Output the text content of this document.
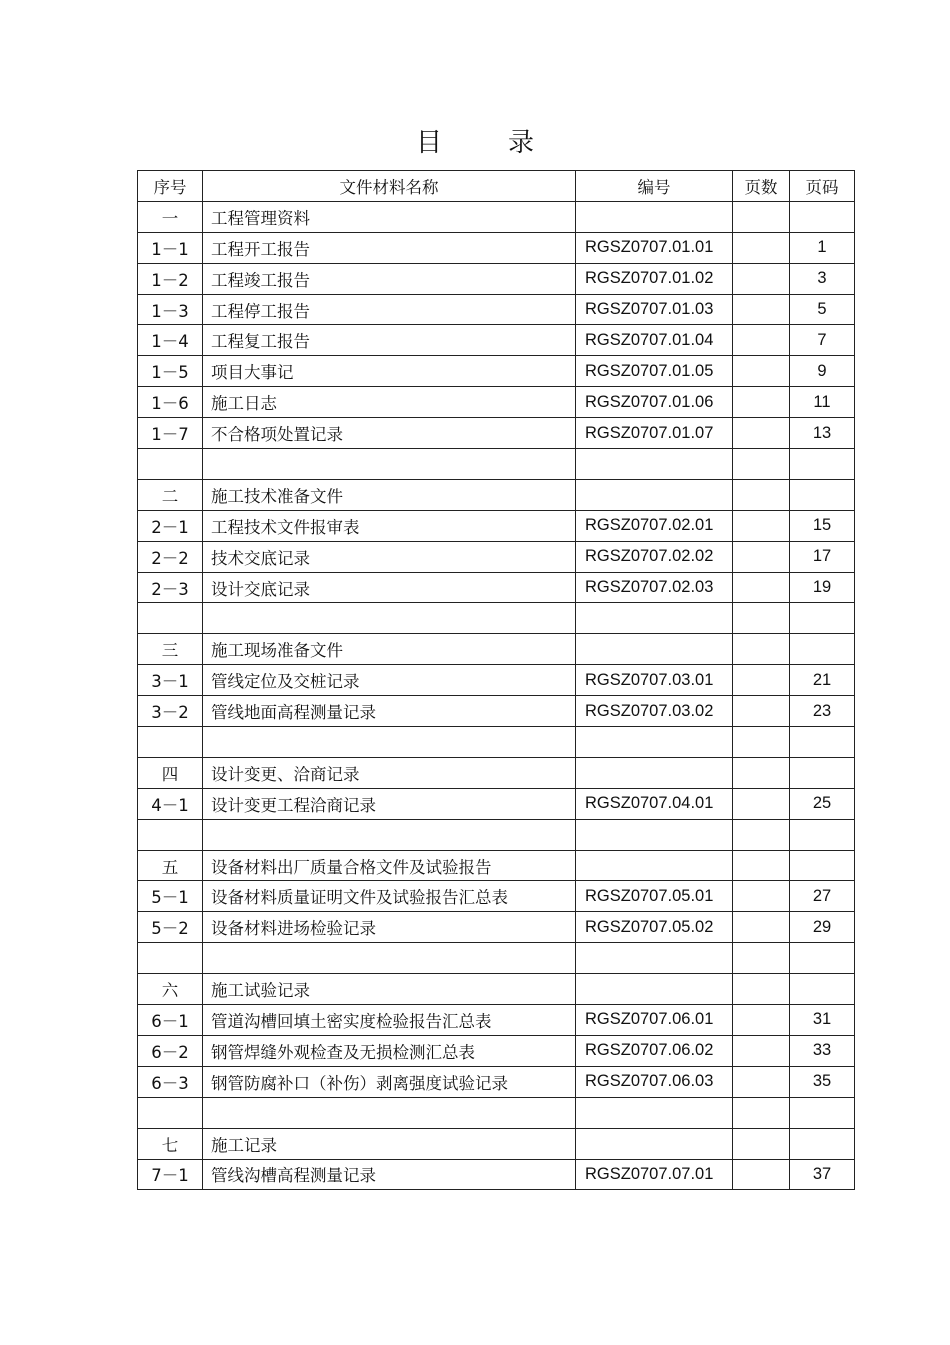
目	录
序号	文件材料名称	编号	页数	页码
一	工程管理资料			
1－1	工程开工报告	RGSZ0707.01.01		1
1－2	工程竣工报告	RGSZ0707.01.02		3
1－3	工程停工报告	RGSZ0707.01.03		5
1－4	工程复工报告	RGSZ0707.01.04		7
1－5	项目大事记	RGSZ0707.01.05		9
1－6	施工日志	RGSZ0707.01.06		11
1－7	不合格项处置记录	RGSZ0707.01.07		13

二	施工技术准备文件			
2－1	工程技术文件报审表	RGSZ0707.02.01		15
2－2	技术交底记录	RGSZ0707.02.02		17
2－3	设计交底记录	RGSZ0707.02.03		19

三	施工现场准备文件			
3－1	管线定位及交桩记录	RGSZ0707.03.01		21
3－2	管线地面高程测量记录	RGSZ0707.03.02		23

四	设计变更、洽商记录			
4－1	设计变更工程洽商记录	RGSZ0707.04.01		25

五	设备材料出厂质量合格文件及试验报告			
5－1	设备材料质量证明文件及试验报告汇总表	RGSZ0707.05.01		27
5－2	设备材料进场检验记录	RGSZ0707.05.02		29

六	施工试验记录			
6－1	管道沟槽回填土密实度检验报告汇总表	RGSZ0707.06.01		31
6－2	钢管焊缝外观检查及无损检测汇总表	RGSZ0707.06.02		33
6－3	钢管防腐补口（补伤）剥离强度试验记录	RGSZ0707.06.03		35

七	施工记录			
7－1	管线沟槽高程测量记录	RGSZ0707.07.01		37
